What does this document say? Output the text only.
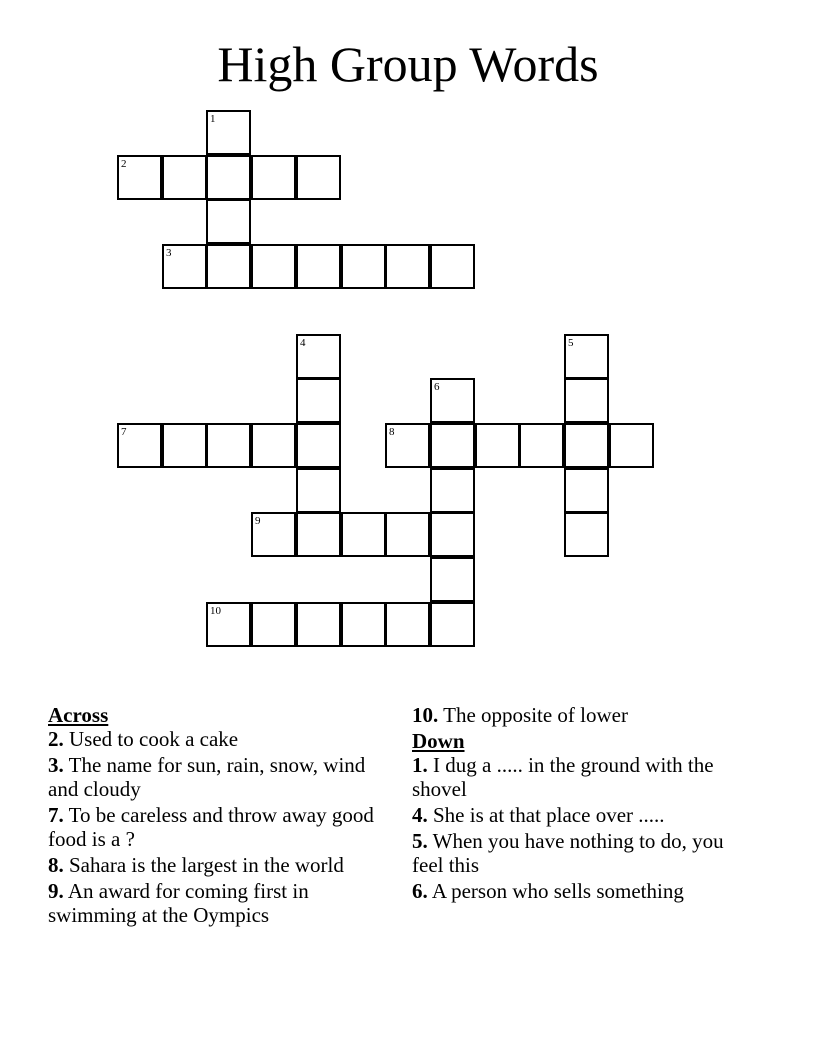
High Group Words
1
2
3
4	5
6
7	8
9
10
Across
2. Used to cook a cake
3. The name for sun, rain, snow, wind and cloudy
7. To be careless and throw away good food is a ?
8. Sahara is the largest in the world
9. An award for coming first in swimming at the Oympics
10. The opposite of lower
Down
1. I dug a ..... in the ground with the shovel
4. She is at that place over .....
5. When you have nothing to do, you feel this
6. A person who sells something
